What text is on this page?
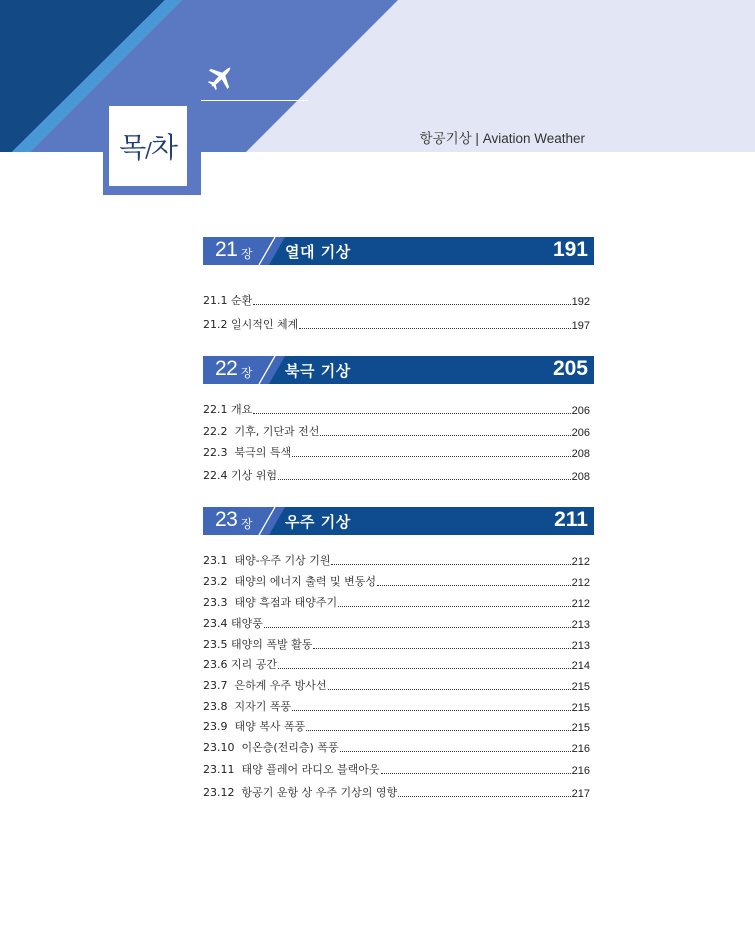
목/차	항공기상 | Aviation Weather
21 장 열대 기상	191
21.1 순환	192
21.2 일시적인 체계	197
22 장 북극 기상	205
22.1 개요	206
22.2  기후, 기단과 전선	206
22.3  북극의 특색	208
22.4 기상 위험	208
23 장 우주 기상	211
23.1  태양-우주 기상 기원	212
23.2  태양의 에너지 출력 및 변동성	212
23.3  태양 흑점과 태양주기	212
23.4 태양풍	213
23.5 태양의 폭발 활동	213
23.6 지리 공간	214
23.7  은하계 우주 방사선	215
23.8  지자기 폭풍	215
23.9  태양 복사 폭풍	215
23.10  이온층(전리층) 폭풍	216
23.11  태양 플레어 라디오 블랙아웃	216
23.12  항공기 운항 상 우주 기상의 영향	217
